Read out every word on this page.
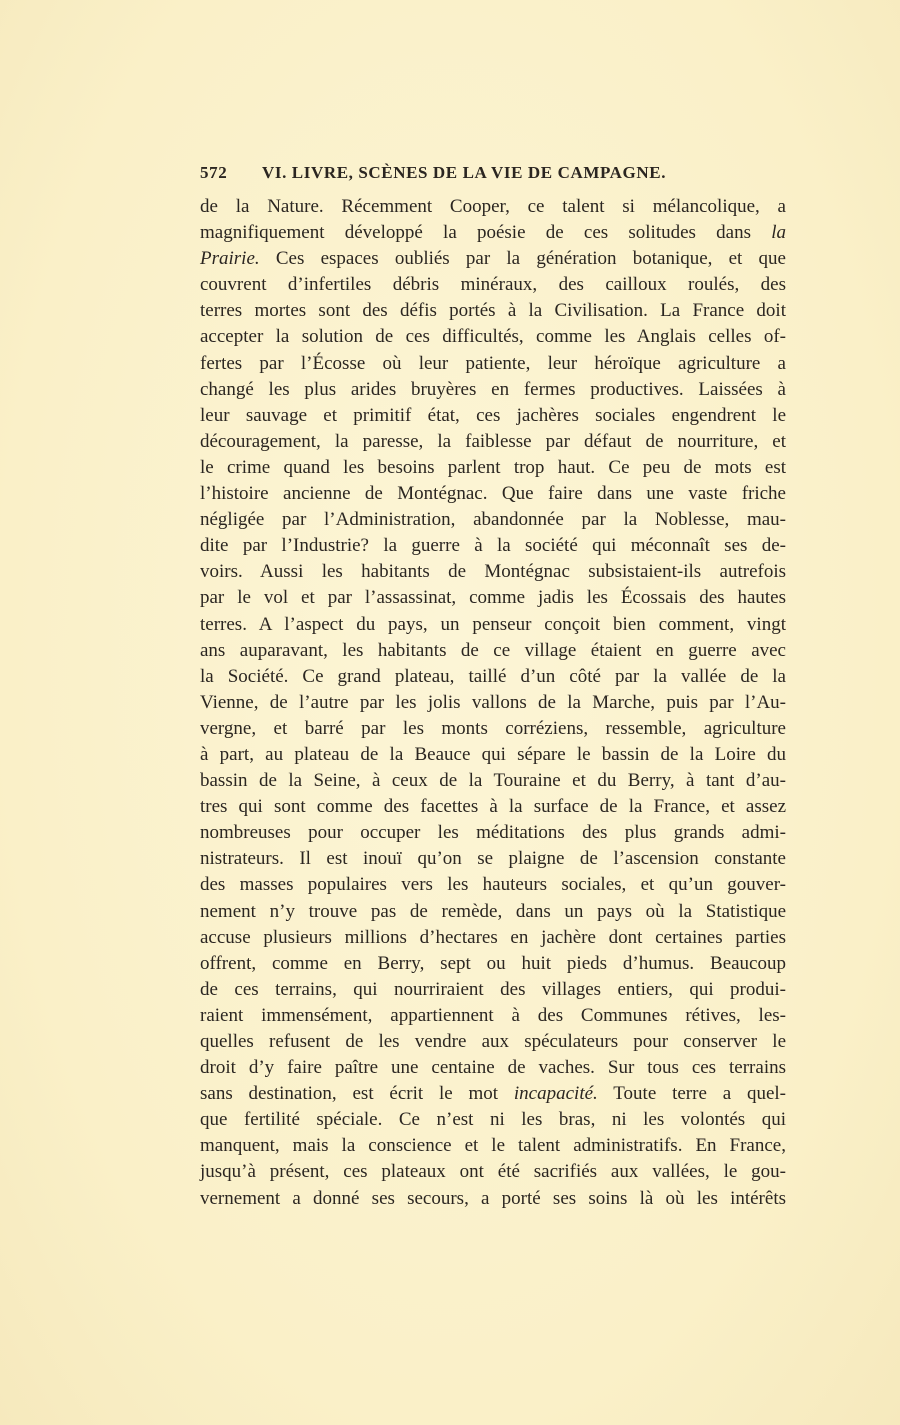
572 VI. LIVRE, SCÈNES DE LA VIE DE CAMPAGNE.
de la Nature. Récemment Cooper, ce talent si mélancolique, a
magnifiquement développé la poésie de ces solitudes dans la
Prairie. Ces espaces oubliés par la génération botanique, et que
couvrent d’infertiles débris minéraux, des cailloux roulés, des
terres mortes sont des défis portés à la Civilisation. La France doit
accepter la solution de ces difficultés, comme les Anglais celles of-
fertes par l’Écosse où leur patiente, leur héroïque agriculture a
changé les plus arides bruyères en fermes productives. Laissées à
leur sauvage et primitif état, ces jachères sociales engendrent le
découragement, la paresse, la faiblesse par défaut de nourriture, et
le crime quand les besoins parlent trop haut. Ce peu de mots est
l’histoire ancienne de Montégnac. Que faire dans une vaste friche
négligée par l’Administration, abandonnée par la Noblesse, mau-
dite par l’Industrie? la guerre à la société qui méconnaît ses de-
voirs. Aussi les habitants de Montégnac subsistaient-ils autrefois
par le vol et par l’assassinat, comme jadis les Écossais des hautes
terres. A l’aspect du pays, un penseur conçoit bien comment, vingt
ans auparavant, les habitants de ce village étaient en guerre avec
la Société. Ce grand plateau, taillé d’un côté par la vallée de la
Vienne, de l’autre par les jolis vallons de la Marche, puis par l’Au-
vergne, et barré par les monts corréziens, ressemble, agriculture
à part, au plateau de la Beauce qui sépare le bassin de la Loire du
bassin de la Seine, à ceux de la Touraine et du Berry, à tant d’au-
tres qui sont comme des facettes à la surface de la France, et assez
nombreuses pour occuper les méditations des plus grands admi-
nistrateurs. Il est inouï qu’on se plaigne de l’ascension constante
des masses populaires vers les hauteurs sociales, et qu’un gouver-
nement n’y trouve pas de remède, dans un pays où la Statistique
accuse plusieurs millions d’hectares en jachère dont certaines parties
offrent, comme en Berry, sept ou huit pieds d’humus. Beaucoup
de ces terrains, qui nourriraient des villages entiers, qui produi-
raient immensément, appartiennent à des Communes rétives, les-
quelles refusent de les vendre aux spéculateurs pour conserver le
droit d’y faire paître une centaine de vaches. Sur tous ces terrains
sans destination, est écrit le mot incapacité. Toute terre a quel-
que fertilité spéciale. Ce n’est ni les bras, ni les volontés qui
manquent, mais la conscience et le talent administratifs. En France,
jusqu’à présent, ces plateaux ont été sacrifiés aux vallées, le gou-
vernement a donné ses secours, a porté ses soins là où les intérêts
